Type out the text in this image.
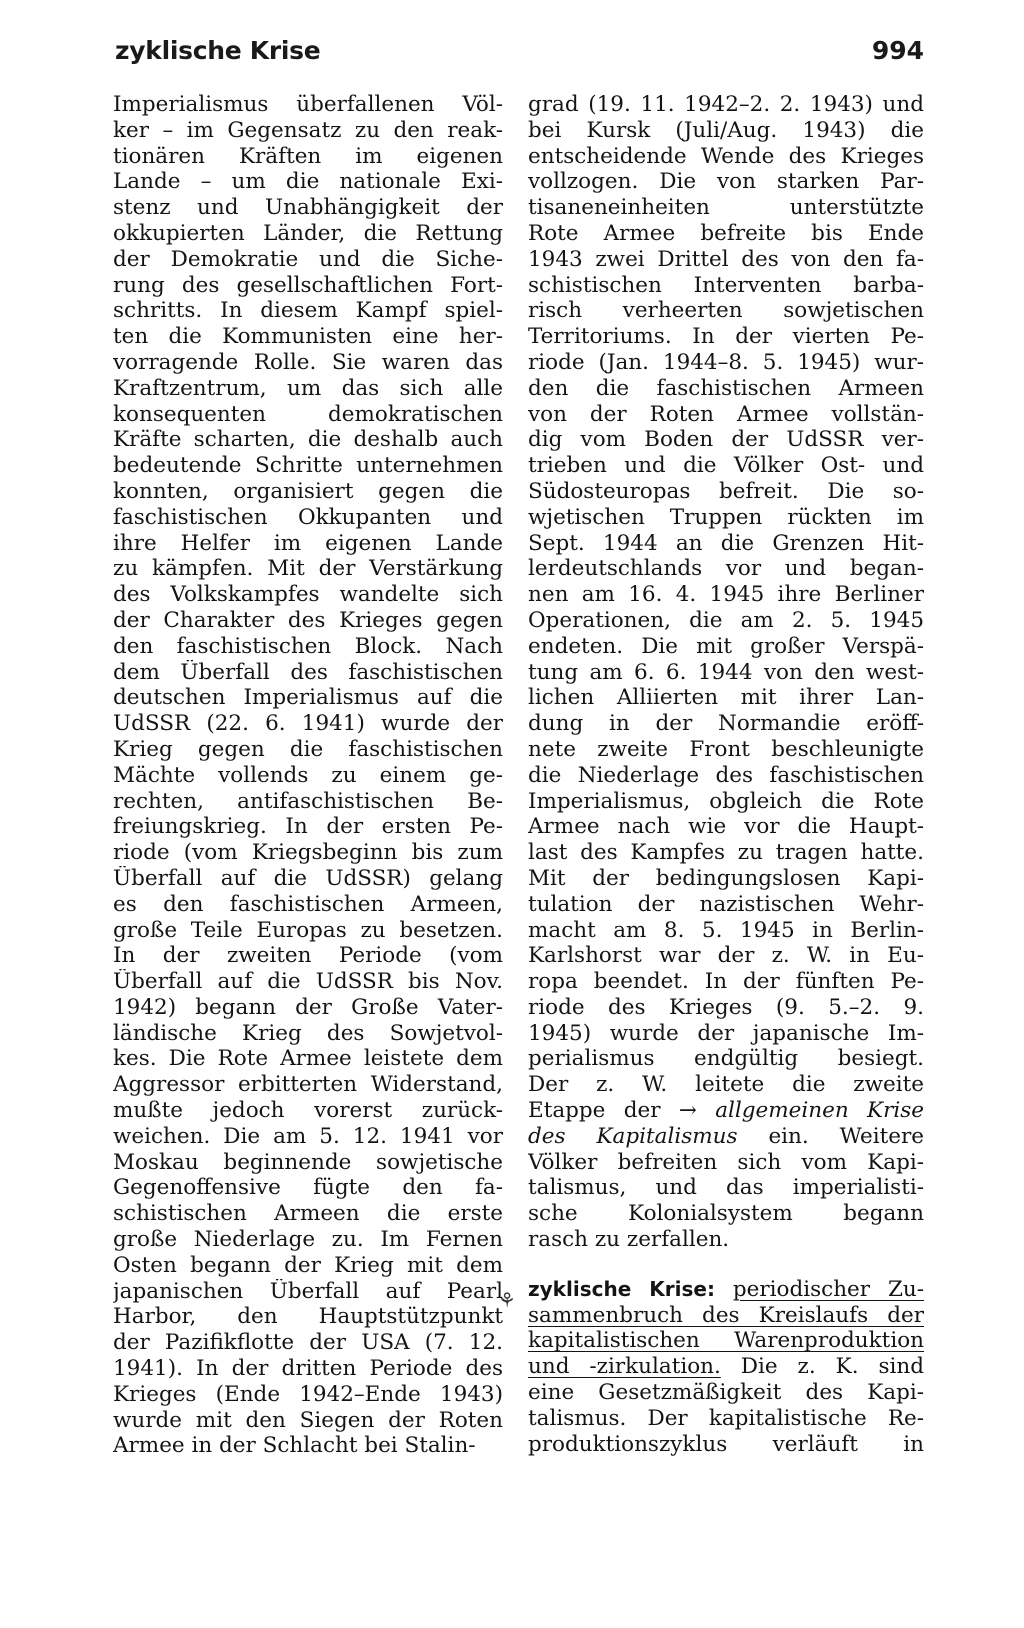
zyklische Krise	994
⚘
Imperialismus überfallenen Völ-
ker – im Gegensatz zu den reak-
tionären Kräften im eigenen
Lande – um die nationale Exi-
stenz und Unabhängigkeit der
okkupierten Länder, die Rettung
der Demokratie und die Siche-
rung des gesellschaftlichen Fort-
schritts. In diesem Kampf spiel-
ten die Kommunisten eine her-
vorragende Rolle. Sie waren das
Kraftzentrum, um das sich alle
konsequenten demokratischen
Kräfte scharten, die deshalb auch
bedeutende Schritte unternehmen
konnten, organisiert gegen die
faschistischen Okkupanten und
ihre Helfer im eigenen Lande
zu kämpfen. Mit der Verstärkung
des Volkskampfes wandelte sich
der Charakter des Krieges gegen
den faschistischen Block. Nach
dem Überfall des faschistischen
deutschen Imperialismus auf die
UdSSR (22. 6. 1941) wurde der
Krieg gegen die faschistischen
Mächte vollends zu einem ge-
rechten, antifaschistischen Be-
freiungskrieg. In der ersten Pe-
riode (vom Kriegsbeginn bis zum
Überfall auf die UdSSR) gelang
es den faschistischen Armeen,
große Teile Europas zu besetzen.
In der zweiten Periode (vom
Überfall auf die UdSSR bis Nov.
1942) begann der Große Vater-
ländische Krieg des Sowjetvol-
kes. Die Rote Armee leistete dem
Aggressor erbitterten Widerstand,
mußte jedoch vorerst zurück-
weichen. Die am 5. 12. 1941 vor
Moskau beginnende sowjetische
Gegenoffensive fügte den fa-
schistischen Armeen die erste
große Niederlage zu. Im Fernen
Osten begann der Krieg mit dem
japanischen Überfall auf Pearl
Harbor, den Hauptstützpunkt
der Pazifikflotte der USA (7. 12.
1941). In der dritten Periode des
Krieges (Ende 1942–Ende 1943)
wurde mit den Siegen der Roten
Armee in der Schlacht bei Stalin-
grad (19. 11. 1942–2. 2. 1943) und
bei Kursk (Juli/Aug. 1943) die
entscheidende Wende des Krieges
vollzogen. Die von starken Par-
tisaneneinheiten unterstützte
Rote Armee befreite bis Ende
1943 zwei Drittel des von den fa-
schistischen Interventen barba-
risch verheerten sowjetischen
Territoriums. In der vierten Pe-
riode (Jan. 1944–8. 5. 1945) wur-
den die faschistischen Armeen
von der Roten Armee vollstän-
dig vom Boden der UdSSR ver-
trieben und die Völker Ost- und
Südosteuropas befreit. Die so-
wjetischen Truppen rückten im
Sept. 1944 an die Grenzen Hit-
lerdeutschlands vor und began-
nen am 16. 4. 1945 ihre Berliner
Operationen, die am 2. 5. 1945
endeten. Die mit großer Verspä-
tung am 6. 6. 1944 von den west-
lichen Alliierten mit ihrer Lan-
dung in der Normandie eröff-
nete zweite Front beschleunigte
die Niederlage des faschistischen
Imperialismus, obgleich die Rote
Armee nach wie vor die Haupt-
last des Kampfes zu tragen hatte.
Mit der bedingungslosen Kapi-
tulation der nazistischen Wehr-
macht am 8. 5. 1945 in Berlin-
Karlshorst war der z. W. in Eu-
ropa beendet. In der fünften Pe-
riode des Krieges (9. 5.–2. 9.
1945) wurde der japanische Im-
perialismus endgültig besiegt.
Der z. W. leitete die zweite
Etappe der → allgemeinen Krise
des Kapitalismus ein. Weitere
Völker befreiten sich vom Kapi-
talismus, und das imperialisti-
sche Kolonialsystem begann
rasch zu zerfallen.
zyklische Krise: periodischer Zu-
sammenbruch des Kreislaufs der
kapitalistischen Warenproduktion
und -zirkulation. Die z. K. sind
eine Gesetzmäßigkeit des Kapi-
talismus. Der kapitalistische Re-
produktionszyklus verläuft in
